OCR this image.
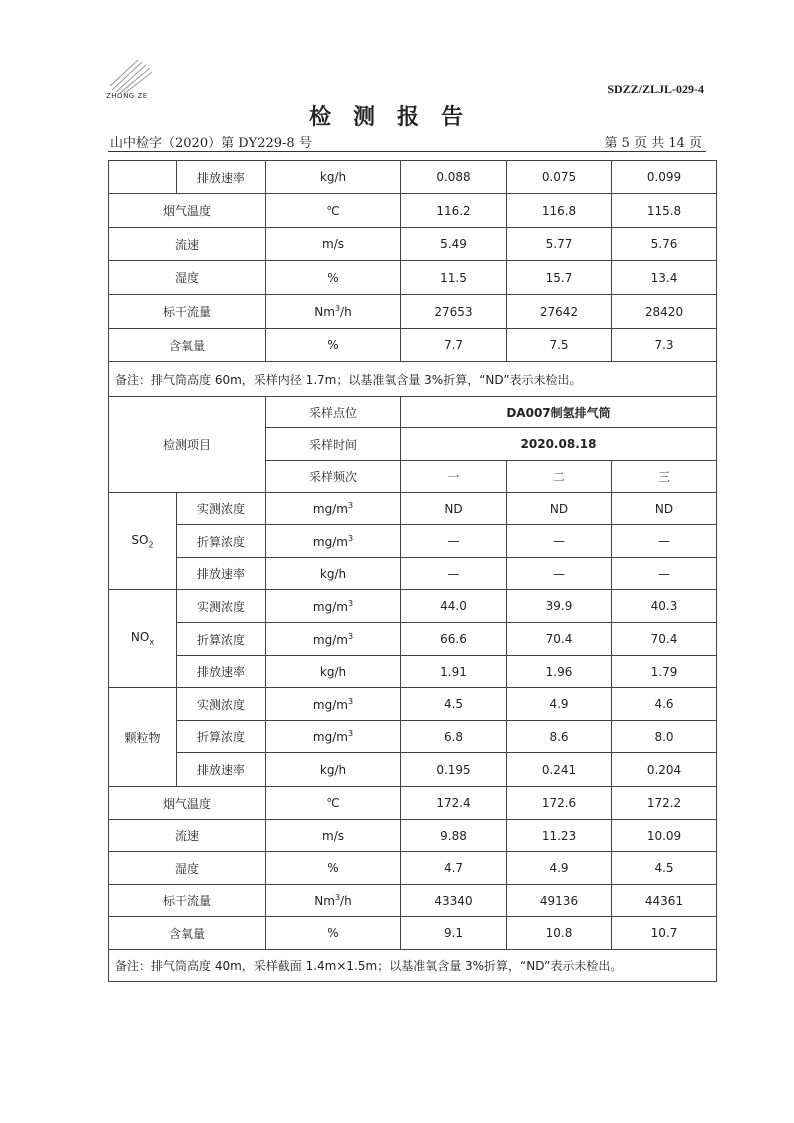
ZHONG ZE	SDZZ/ZLJL-029-4
检测报告
山中检字（2020）第 DY229-8 号	第 5 页 共 14 页
	排放速率	kg/h	0.088	0.075	0.099
烟气温度		℃	116.2	116.8	115.8
流速		m/s	5.49	5.77	5.76
湿度		%	11.5	15.7	13.4
标干流量		Nm$^3$/h	27653	27642	28420
含氧量		%	7.7	7.5	7.3
备注：排气筒高度 60m，采样内径 1.7m；以基准氧含量 3%折算，“ND”表示未检出。					
检测项目		采样点位	DA007制氢排气筒		
		采样时间	2020.08.18		
		采样频次	一	二	三
$SO_2$	实测浓度	$mg/m^3$	ND	ND	ND
	折算浓度	$mg/m^3$	—	—	—
	排放速率	kg/h	—	—	—
$NO_x$	实测浓度	$mg/m^3$	44.0	39.9	40.3
	折算浓度	$mg/m^3$	66.6	70.4	70.4
	排放速率	kg/h	1.91	1.96	1.79
颗粒物	实测浓度	$mg/m^3$	4.5	4.9	4.6
	折算浓度	$mg/m^3$	6.8	8.6	8.0
	排放速率	kg/h	0.195	0.241	0.204
烟气温度		℃	172.4	172.6	172.2
流速		m/s	9.88	11.23	10.09
湿度		%	4.7	4.9	4.5
标干流量		Nm$^3$/h	43340	49136	44361
含氧量		%	9.1	10.8	10.7
备注：排气筒高度 40m，采样截面 1.4m×1.5m；以基准氧含量 3%折算，“ND”表示未检出。					
